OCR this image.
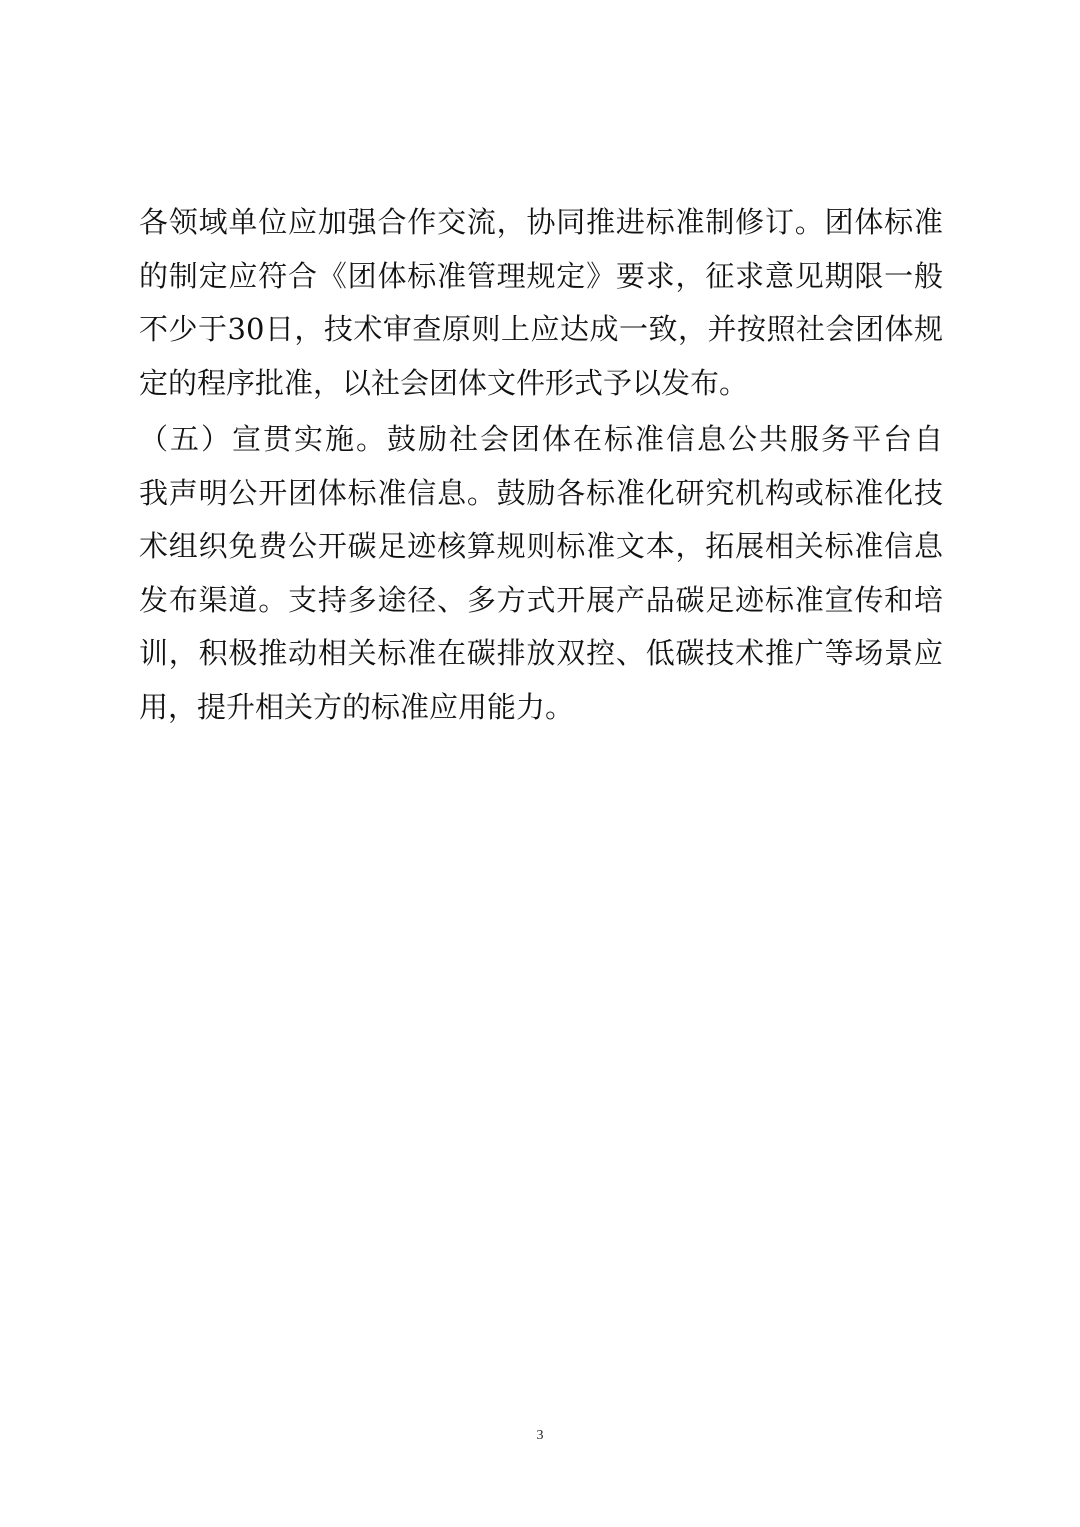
各领域单位应加强合作交流，协同推进标准制修订。团体标准
的制定应符合《团体标准管理规定》要求，征求意见期限一般
不少于30日，技术审查原则上应达成一致，并按照社会团体规
定的程序批准，以社会团体文件形式予以发布。
（五）宣贯实施。鼓励社会团体在标准信息公共服务平台自
我声明公开团体标准信息。鼓励各标准化研究机构或标准化技
术组织免费公开碳足迹核算规则标准文本，拓展相关标准信息
发布渠道。支持多途径、多方式开展产品碳足迹标准宣传和培
训，积极推动相关标准在碳排放双控、低碳技术推广等场景应
用，提升相关方的标准应用能力。
3
